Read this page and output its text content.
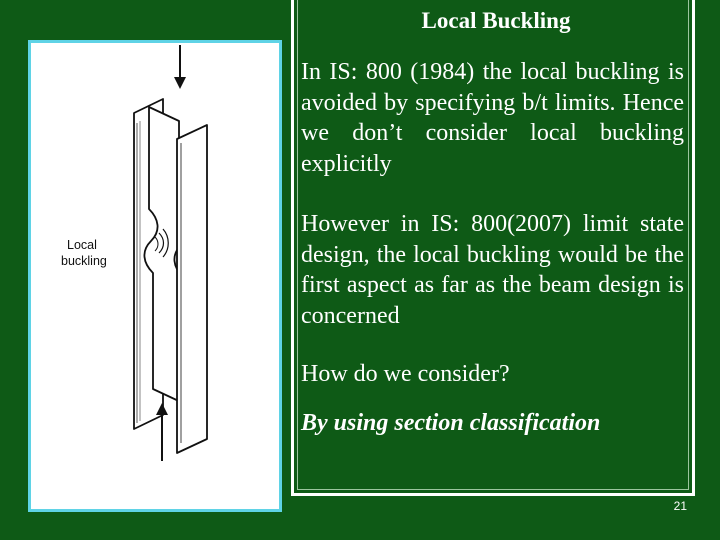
Local
buckling
Local Buckling

In IS: 800 (1984) the local buckling is avoided by specifying b/t limits. Hence we don’t consider local buckling explicitly

However in IS: 800(2007) limit state design, the local buckling would be the first aspect as far as the beam design is concerned

How do we consider?

By using section classification

21
